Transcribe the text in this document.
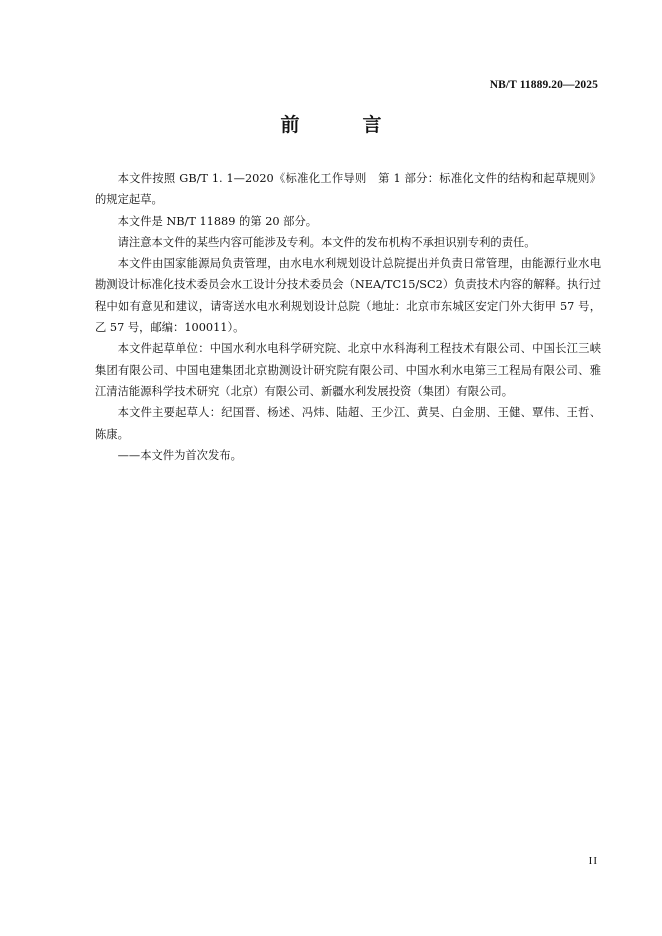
NB/T 11889.20—2025
前　言

本文件按照 GB/T 1. 1—2020《标准化工作导则　第 1 部分：标准化文件的结构和起草规则》的规定起草。

本文件是 NB/T 11889 的第 20 部分。

请注意本文件的某些内容可能涉及专利。本文件的发布机构不承担识别专利的责任。

本文件由国家能源局负责管理，由水电水利规划设计总院提出并负责日常管理，由能源行业水电勘测设计标准化技术委员会水工设计分技术委员会（NEA/TC15/SC2）负责技术内容的解释。执行过程中如有意见和建议，请寄送水电水利规划设计总院（地址：北京市东城区安定门外大街甲 57 号，乙 57 号，邮编：100011）。

本文件起草单位：中国水利水电科学研究院、北京中水科海利工程技术有限公司、中国长江三峡集团有限公司、中国电建集团北京勘测设计研究院有限公司、中国水利水电第三工程局有限公司、雅江清洁能源科学技术研究（北京）有限公司、新疆水利发展投资（集团）有限公司。

本文件主要起草人：纪国晋、杨述、冯炜、陆超、王少江、黄昊、白金朋、王健、覃伟、王哲、陈康。

——本文件为首次发布。

II
